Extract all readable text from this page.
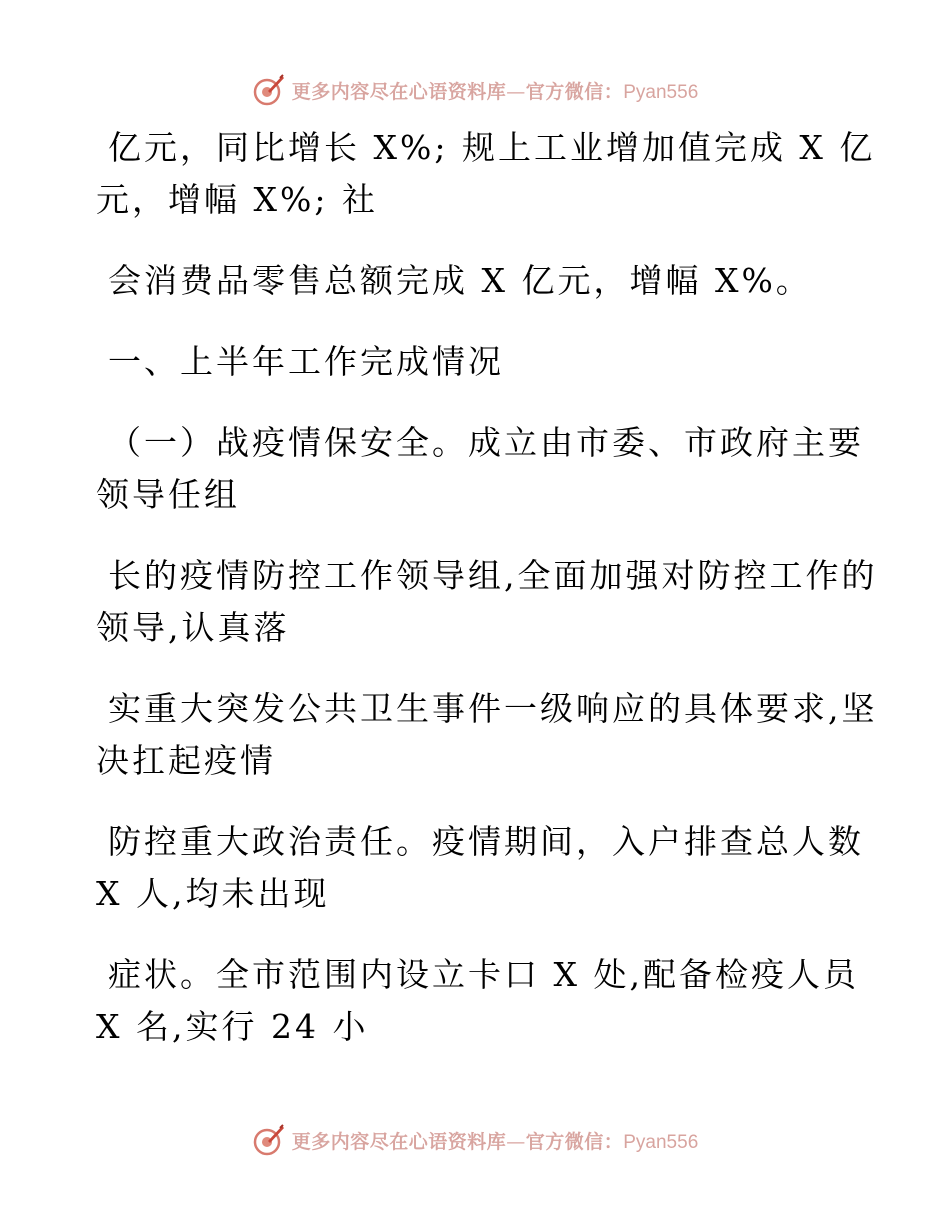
更多内容尽在心语资料库—官方微信：Pyan556

亿元，同比增长 X%; 规上工业增加值完成 X 亿
元，增幅 X%; 社

会消费品零售总额完成 X 亿元，增幅 X%。

一、上半年工作完成情况

（一）战疫情保安全。成立由市委、市政府主要
领导任组

长的疫情防控工作领导组,全面加强对防控工作的
领导,认真落

实重大突发公共卫生事件一级响应的具体要求,坚
决扛起疫情

防控重大政治责任。疫情期间，入户排查总人数
X 人,均未出现

症状。全市范围内设立卡口 X 处,配备检疫人员
X 名,实行 24 小

更多内容尽在心语资料库—官方微信：Pyan556
